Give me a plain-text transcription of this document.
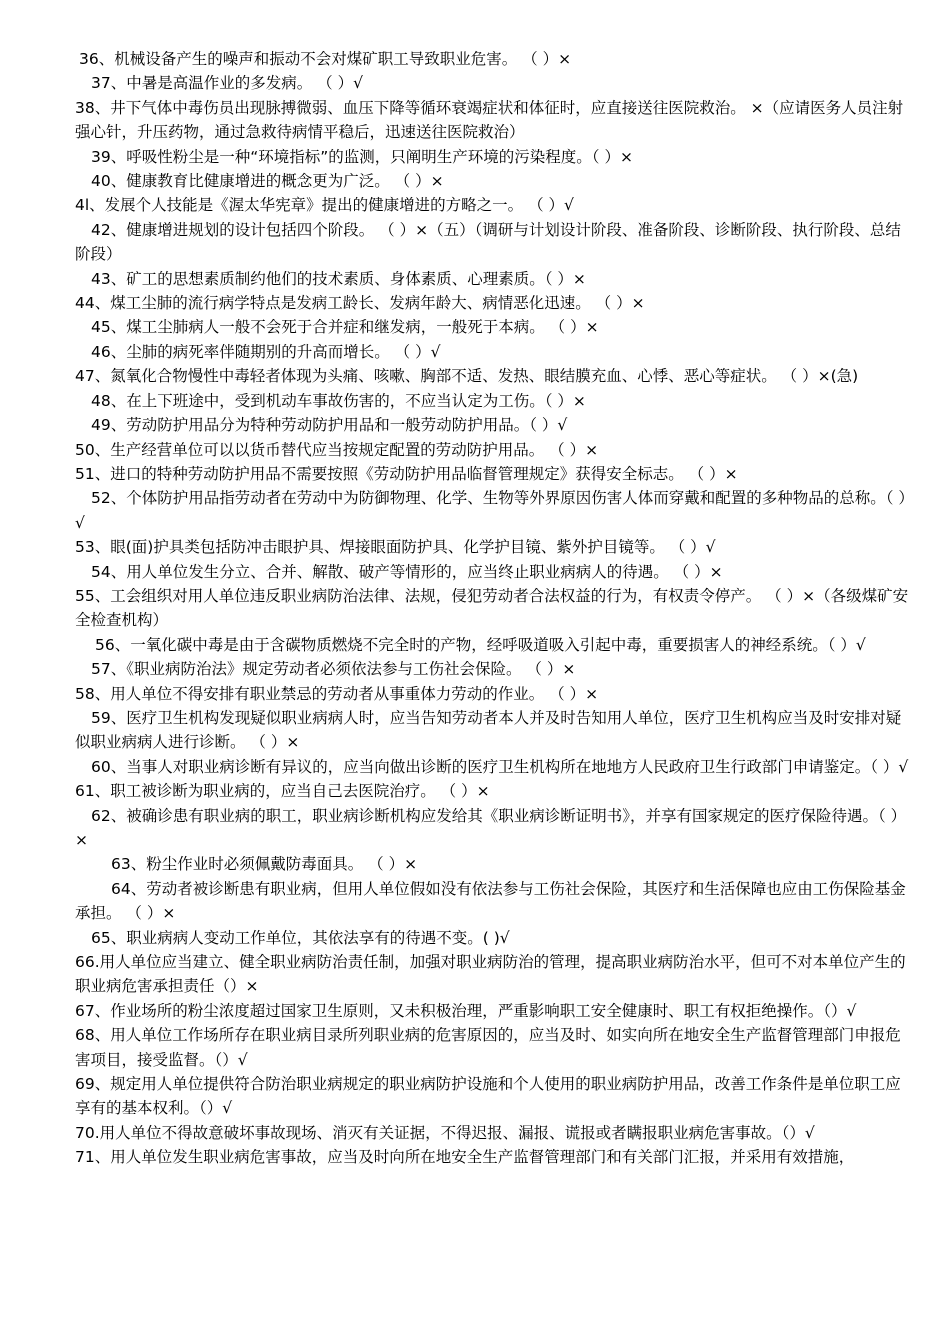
36、机械设备产生的噪声和振动不会对煤矿职工导致职业危害。 （ ）×

37、中暑是高温作业的多发病。 （ ）√

38、井下气体中毒伤员出现脉搏微弱、血压下降等循环衰竭症状和体征时，应直接送往医院救治。 ×（应请医务人员注射强心针，升压药物，通过急救待病情平稳后，迅速送往医院救治）

39、呼吸性粉尘是一种“环境指标”的监测，只阐明生产环境的污染程度。（ ）×

40、健康教育比健康增进的概念更为广泛。 （ ）×

4l、发展个人技能是《渥太华宪章》提出的健康增进的方略之一。 （ ）√

42、健康增进规划的设计包括四个阶段。 （ ）×（五）（调研与计划设计阶段、准备阶段、诊断阶段、执行阶段、总结阶段）

43、矿工的思想素质制约他们的技术素质、身体素质、心理素质。（ ）×

44、煤工尘肺的流行病学特点是发病工龄长、发病年龄大、病情恶化迅速。 （ ）×

45、煤工尘肺病人一般不会死于合并症和继发病，一般死于本病。 （ ）×

46、尘肺的病死率伴随期别的升高而增长。 （ ）√

47、氮氧化合物慢性中毒轻者体现为头痛、咳嗽、胸部不适、发热、眼结膜充血、心悸、恶心等症状。 （ ）×(急)

48、在上下班途中，受到机动车事故伤害的，不应当认定为工伤。（ ）×

49、劳动防护用品分为特种劳动防护用品和一般劳动防护用品。（ ）√

50、生产经营单位可以以货币替代应当按规定配置的劳动防护用品。 （ ）×

51、进口的特种劳动防护用品不需要按照《劳动防护用品临督管理规定》获得安全标志。 （ ）×

52、个体防护用品指劳动者在劳动中为防御物理、化学、生物等外界原因伤害人体而穿戴和配置的多种物品的总称。（ ）√

53、眼(面)护具类包括防冲击眼护具、焊接眼面防护具、化学护目镜、紫外护目镜等。 （ ）√

54、用人单位发生分立、合并、解散、破产等情形的，应当终止职业病病人的待遇。 （ ）×

55、工会组织对用人单位违反职业病防治法律、法规，侵犯劳动者合法权益的行为，有权责令停产。 （ ）×（各级煤矿安全检查机构）

56、一氧化碳中毒是由于含碳物质燃烧不完全时的产物，经呼吸道吸入引起中毒，重要损害人的神经系统。（ ）√

57、《职业病防治法》规定劳动者必须依法参与工伤社会保险。 （ ）×

58、用人单位不得安排有职业禁忌的劳动者从事重体力劳动的作业。 （ ）×

59、医疗卫生机构发现疑似职业病病人时，应当告知劳动者本人并及时告知用人单位，医疗卫生机构应当及时安排对疑似职业病病人进行诊断。 （ ）×

60、当事人对职业病诊断有异议的，应当向做出诊断的医疗卫生机构所在地地方人民政府卫生行政部门申请鉴定。（ ）√

61、职工被诊断为职业病的，应当自己去医院治疗。 （ ）×

62、被确诊患有职业病的职工，职业病诊断机构应发给其《职业病诊断证明书》，并享有国家规定的医疗保险待遇。（ ）×

63、粉尘作业时必须佩戴防毒面具。 （ ）×

64、劳动者被诊断患有职业病，但用人单位假如没有依法参与工伤社会保险，其医疗和生活保障也应由工伤保险基金承担。 （ ）×

65、职业病病人变动工作单位，其依法享有的待遇不变。( )√

66.用人单位应当建立、健全职业病防治责任制，加强对职业病防治的管理，提高职业病防治水平，但可不对本单位产生的职业病危害承担责任（）×

67、作业场所的粉尘浓度超过国家卫生原则，又未积极治理，严重影响职工安全健康时、职工有权拒绝操作。（）√

68、用人单位工作场所存在职业病目录所列职业病的危害原因的，应当及时、如实向所在地安全生产监督管理部门申报危害项目，接受监督。（）√

69、规定用人单位提供符合防治职业病规定的职业病防护设施和个人使用的职业病防护用品，改善工作条件是单位职工应享有的基本权利。（）√

70.用人单位不得故意破坏事故现场、消灭有关证据，不得迟报、漏报、谎报或者瞒报职业病危害事故。（）√

71、用人单位发生职业病危害事故，应当及时向所在地安全生产监督管理部门和有关部门汇报，并采用有效措施，
